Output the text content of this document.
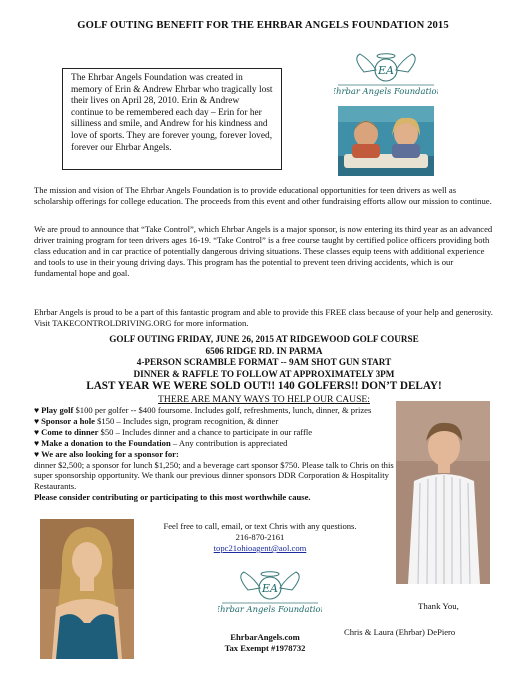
GOLF OUTING BENEFIT FOR THE EHRBAR ANGELS FOUNDATION 2015
The Ehrbar Angels Foundation was created in memory of Erin & Andrew Ehrbar who tragically lost their lives on April 28, 2010. Erin & Andrew continue to be remembered each day – Erin for her silliness and smile, and Andrew for his kindness and love of sports. They are forever young, forever loved, forever our Ehrbar Angels.
EA
Ehrbar Angels Foundation
The mission and vision of The Ehrbar Angels Foundation is to provide educational opportunities for teen drivers as well as scholarship offerings for college education. The proceeds from this event and other fundraising efforts allow our mission to continue.
We are proud to announce that “Take Control”, which Ehrbar Angels is a major sponsor, is now entering its third year as an advanced driver training program for teen drivers ages 16-19. “Take Control” is a free course taught by certified police officers providing both class education and in car practice of potentially dangerous driving situations. These classes equip teens with additional experience and tools to use in their young driving days. This program has the potential to prevent teen driving accidents, which is our fundamental hope and goal.
Ehrbar Angels is proud to be a part of this fantastic program and able to provide this FREE class because of your help and generosity. Visit TAKECONTROLDRIVING.ORG for more information.
GOLF OUTING FRIDAY, JUNE 26, 2015 AT RIDGEWOOD GOLF COURSE
6506 RIDGE RD. IN PARMA
4-PERSON SCRAMBLE FORMAT -- 9AM SHOT GUN START
DINNER & RAFFLE TO FOLLOW AT APPROXIMATELY 3PM
LAST YEAR WE WERE SOLD OUT!! 140 GOLFERS!! DON’T DELAY!
THERE ARE MANY WAYS TO HELP OUR CAUSE:
♥ Play golf $100 per golfer -- $400 foursome. Includes golf, refreshments, lunch, dinner, & prizes
♥ Sponsor a hole $150 – Includes sign, program recognition, & dinner
♥ Come to dinner $50 – Includes dinner and a chance to participate in our raffle
♥ Make a donation to the Foundation – Any contribution is appreciated
♥ We are also looking for a sponsor for:
dinner $2,500; a sponsor for lunch $1,250; and a beverage cart sponsor $750. Please talk to Chris on this super sponsorship opportunity. We thank our previous dinner sponsors DDR Corporation & Hospitality Restaurants.
Please consider contributing or participating to this most worthwhile cause.
Feel free to call, email, or text Chris with any questions.
216-870-2161
topc21ohioagent@aol.com
EA
Ehrbar Angels Foundation
EhrbarAngels.com
Tax Exempt #1978732
Thank You,
Chris & Laura (Ehrbar) DePiero
